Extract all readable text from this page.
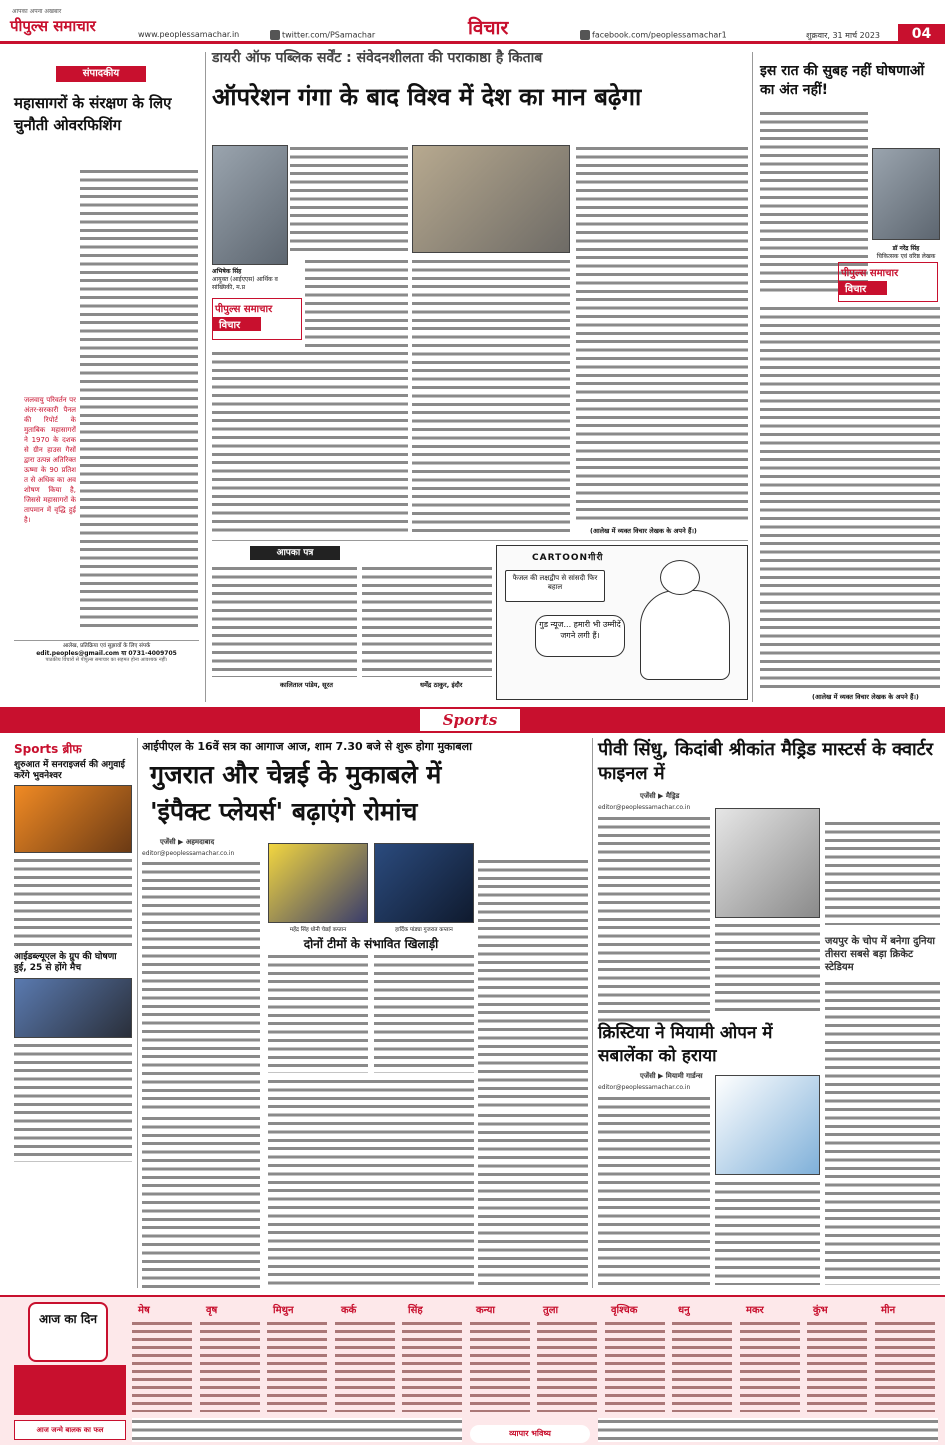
आपका अपना अखबार
पीपुल्स समाचार	www.peoplessamachar.in	twitter.com/PSamachar	विचार	facebook.com/peoplessamachar1	शुक्रवार, 31 मार्च 2023	04
संपादकीय
महासागरों के संरक्षण के लिए चुनौती ओवरफिशिंग
जलवायु परिवर्तन पर अंतर-सरकारी पैनल की रिपोर्ट के मुताबिक महासागरों ने 1970 के दशक से ग्रीन हाउस गैसों द्वारा उत्पन्न अतिरिक्त ऊष्मा के 90 प्रतिशत से अधिक का अवशोषण किया है, जिससे महासागरों के तापमान में वृद्धि हुई है।
आलेख, प्रतिक्रिया एवं सुझावों के लिए संपर्क
edit.peoples@gmail.com या 0731-4009705
पाठकीय विचारों से पीपुल्स समाचार का सहमत होना आवश्यक नहीं।
डायरी ऑफ पब्लिक सर्वेंट : संवेदनशीलता की पराकाष्ठा है किताब
ऑपरेशन गंगा के बाद विश्व में देश का मान बढ़ेगा
अभिषेक सिंह
आयुक्त (आईएएस) आर्थिक व सांख्यिकी, म.प्र
पीपुल्स समाचार
विचार
(आलेख में व्यक्त विचार लेखक के अपने हैं।)
इस रात की सुबह नहीं घोषणाओं का अंत नहीं!
डॉ नरेंद्र सिंह
चिकित्सक एवं वरिष्ठ लेखक
पीपुल्स समाचार
विचार
(आलेख में व्यक्त विचार लेखक के अपने हैं।)
आपका पत्र
कालिताल पांडेय, सूरत	धर्मेंद्र ठाकुर, इंदौर
CARTOONगीरी
फैजल की लक्षद्वीप से सांसदी फिर बहाल
गुड न्यूज... हमारी भी उम्मीदें जगने लगी हैं।
Sports
Sports ब्रीफ
शुरुआत में सनराइजर्स की अगुवाई करेंगे भुवनेश्वर
आईडब्ल्यूएल के ग्रुप की घोषणा हुई, 25 से होंगे मैच
आईपीएल के 16वें सत्र का आगाज आज, शाम 7.30 बजे से शुरू होगा मुकाबला
गुजरात और चेन्नई के मुकाबले में
'इंपैक्ट प्लेयर्स' बढ़ाएंगे रोमांच
एजेंसी ▶ अहमदाबाद
editor@peoplessamachar.co.in
महेंद्र सिंह धोनी चेन्नई कप्तान	हार्दिक पांड्या गुजरात कप्तान
दोनों टीमों के संभावित खिलाड़ी
पीवी सिंधु, किदांबी श्रीकांत मैड्रिड मास्टर्स के क्वार्टर फाइनल में
एजेंसी ▶ मैड्रिड
editor@peoplessamachar.co.in
जयपुर के चोप में बनेगा दुनिया तीसरा सबसे बड़ा क्रिकेट स्टेडियम
क्रिस्टिया ने मियामी ओपन में सबालेंका को हराया
एजेंसी ▶ मियामी गार्डन्स
editor@peoplessamachar.co.in
आज का दिन
आज जन्मे बालक का फल
मेष	वृष	मिथुन	कर्क	सिंह	कन्या	तुला	वृश्चिक	धनु	मकर	कुंभ	मीन
व्यापार भविष्य
